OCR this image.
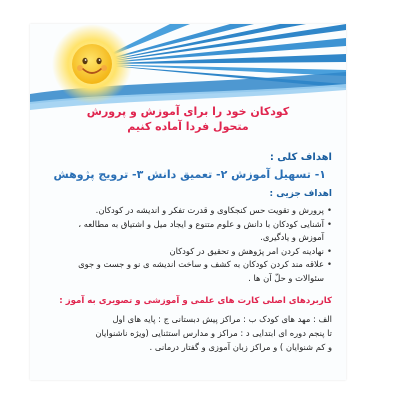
کودکان خود را برای آموزش و پرورش
متحول فردا آماده کنیم

اهداف کلی :

۱- تسهیل آموزش ۲- تعمیق دانش ۳- ترویج پژوهش

اهداف جزیی :

• پرورش و تقویت حس کنجکاوی و قدرت تفکر و اندیشه در کودکان.
• آشنایی کودکان با دانش و علوم متنوع و ایجاد میل و اشتیاق به مطالعه ،
آموزش و یادگیری.
• نهادینه کردن امر پژوهش و تحقیق در کودکان
• علاقه مند کردن کودکان به کشف و ساخت اندیشه ی نو و جست و جوی
سئوالات و حلّ آن ها .

کاربردهای اصلی کارت های علمی و آموزشی و تصویری به آموز :

الف : مهد های کودک ب : مراکز پیش دبستانی ج : پایه های اول
تا پنجم دوره ای ابتدایی د : مراکز و مدارس استثنایی (ویژه ناشنوایان
و کم شنوایان ) و مراکز زبان آموزی و گفتار درمانی .
